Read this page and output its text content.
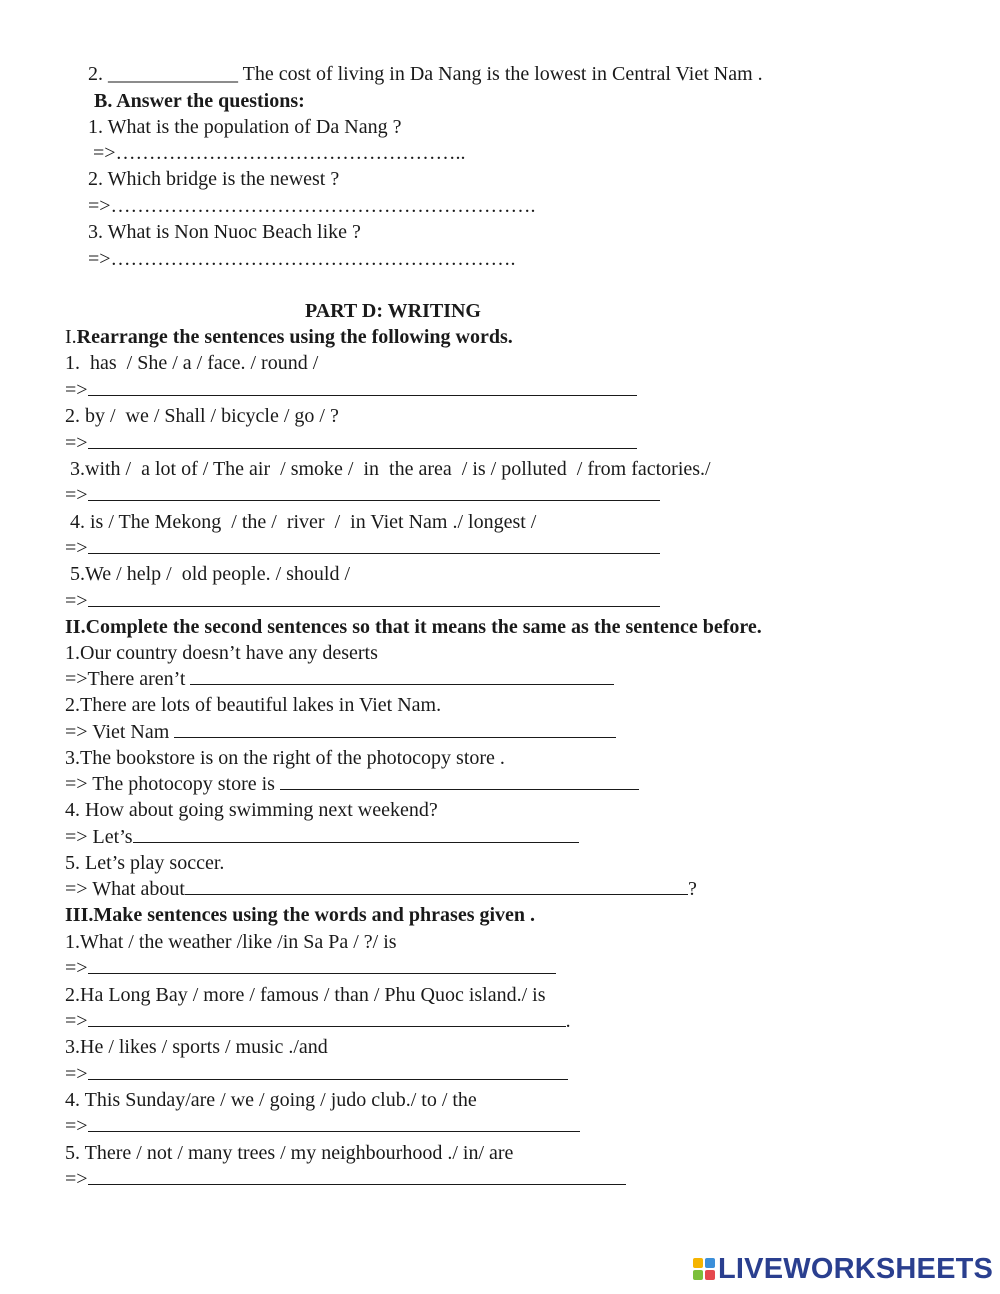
2. _____________ The cost of living in Da Nang is the lowest in Central Viet Nam .
B. Answer the questions:
1. What is the population of Da Nang ?
=>……………………………………………..
2. Which bridge is the newest ?
=>……………………………………………………….
3. What is Non Nuoc Beach like ?
=>…………………………………………………….
PART D: WRITING
I.Rearrange the sentences using the following words.
1.  has  / She / a / face. / round /
=>
2. by /  we / Shall / bicycle / go / ?
=>
3.with /  a lot of / The air  / smoke /  in  the area  / is / polluted  / from factories./
=>
4. is / The Mekong  / the /  river  /  in Viet Nam ./ longest /
=>
5.We / help /  old people. / should /
=>
II.Complete the second sentences so that it means the same as the sentence before.
1.Our country doesn’t have any deserts
=>There aren’t
2.There are lots of beautiful lakes in Viet Nam.
=> Viet Nam
3.The bookstore is on the right of the photocopy store .
=> The photocopy store is
4. How about going swimming next weekend?
=> Let’s
5. Let’s play soccer.
=> What about	?
III.Make sentences using the words and phrases given .
1.What / the weather /like /in Sa Pa / ?/ is
=>
2.Ha Long Bay / more / famous / than / Phu Quoc island./ is
=>	.
3.He / likes / sports / music ./and
=>
4. This Sunday/are / we / going / judo club./ to / the
=>
5. There / not / many trees / my neighbourhood ./ in/ are
=>
LIVEWORKSHEETS
